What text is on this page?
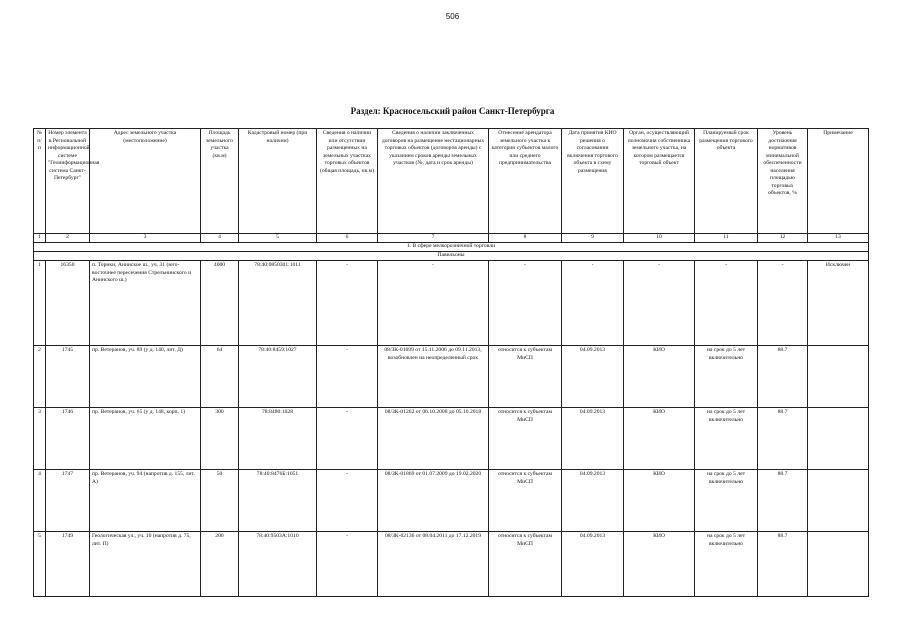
506
Раздел: Красносельский район Санкт-Петербурга
№ п/п	Номер элемента в Региональной информационной системе "Геоинформационная система Санкт-Петербург"	Адрес земельного участка (местоположение)	Площадь земельного участка (кв.м)	Кадастровый номер (при наличии)	Сведения о наличии или отсутствии размещенных на земельных участках торговых объектов (общая площадь, кв.м)	Сведения о наличии заключенных договоров на размещение нестационарных торговых объектов (договоров аренды) с указанием сроков аренды земельных участков (№, дата и срок аренды)	Отнесение арендатора земельного участка к категории субъектов малого или среднего предпринимательства	Дата принятия КИО решения о согласовании включения торгового объекта в схему размещения	Орган, осуществляющий полномочия собственника земельного участка, на котором размещается торговый объект	Планируемый срок размещения торгового объекта	Уровень достижения нормативов минимальной обеспеченности населения площадью торговых объектов, %	Примечание
1	2	3	4	5	6	7	8	9	10	11	12	13
1. В сфере мелкорозничной торговли												
Павильоны												
1	16350	п. Торики, Анинское ш., уч. 31 (юго-восточнее пересечения Стрельнинского и Анинского ш.)	4000	78:40:0850301:1011	-	-	-	-	-	-	-	Исключен
2	1745	пр. Ветеранов, уч. 89 (у д. 140, лит. Д)	64	78:40:8459:1027	-	08/ЗК-01699 от 15.11.2006 до 09.11.2013, возобновлен на неопределенный срок	относится к субъектам МиСП	04.09.2013	КИО	на срок до 5 лет включительно	88.7	
3	1746	пр. Ветеранов, уч. 65 (у д. 148, корп. 1)	300	78:8480:1028	-	08/ЗК-01262 от 06.10.2008 до 05.10.2018	относится к субъектам МиСП	04.09.2013	КИО	на срок до 5 лет включительно	88.7	
4	1747	пр. Ветеранов, уч. 94 (напротив д. 155, лит. А)	50	78:40:8476Б:1051	-	08/ЗК-01869 от 01.07.2009 до 19.02.2020	относится к субъектам МиСП	04.09.2013	КИО	на срок до 5 лет включительно	88.7	
5	1749	Геологическая ул., уч. 10 (напротив д. 75, лит. П)	200	78:40:9503А:1010	-	08/ЗК-02136 от 08.04.2011 до 17.12.2019	относится к субъектам МиСП	04.09.2013	КИО	на срок до 5 лет включительно	88.7	
